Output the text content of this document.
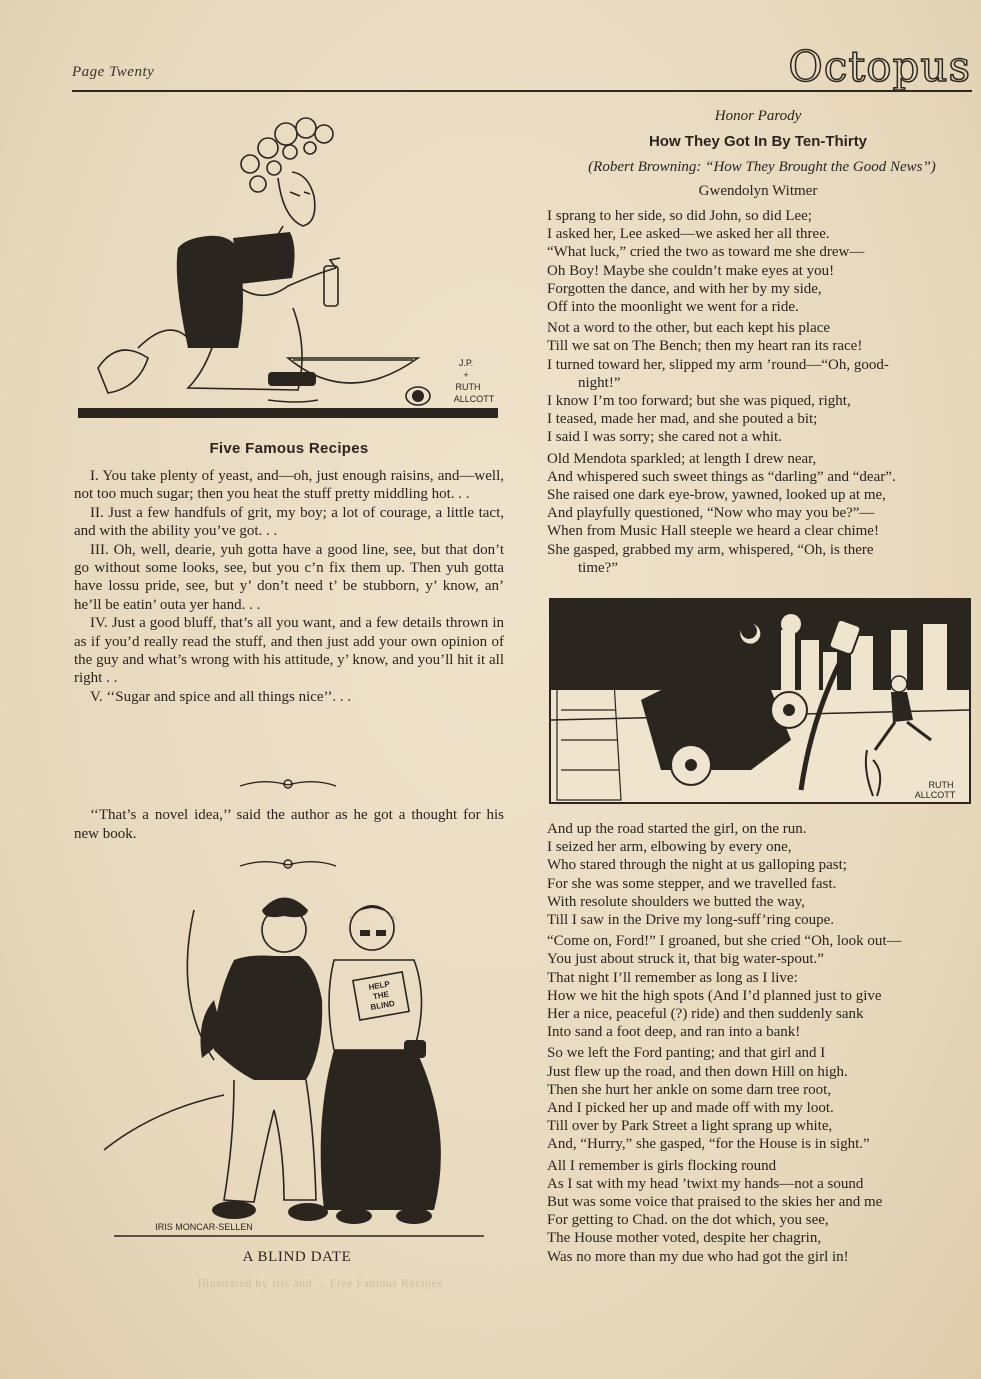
Page Twenty	Octopus
J.P.
+
RUTH
ALLCOTT
Five Famous Recipes

I. You take plenty of yeast, and—oh, just enough raisins, and—well, not too much sugar; then you heat the stuff pretty middling hot. . .

II. Just a few handfuls of grit, my boy; a lot of courage, a little tact, and with the ability you’ve got. . .

III. Oh, well, dearie, yuh gotta have a good line, see, but that don’t go without some looks, see, but you c’n fix them up. Then yuh gotta have lossu pride, see, but y’ don’t need t’ be stubborn, y’ know, an’ he’ll be eatin’ outa yer hand. . .

IV. Just a good bluff, that’s all you want, and a few details thrown in as if you’d really read the stuff, and then just add your own opinion of the guy and what’s wrong with his attitude, y’ know, and you’ll hit it all right . .

V. ‘‘Sugar and spice and all things nice’’. . .

‘‘That’s a novel idea,’’ said the author as he got a thought for his new book.
HELP
THE
BLIND
IRIS MONCAR-SELLEN
A BLIND DATE
Illustrated by Iris and ... Five Famous Recipes
Honor Parody
How They Got In By Ten-Thirty
(Robert Browning: “How They Brought the Good News”)
Gwendolyn Witmer
I sprang to her side, so did John, so did Lee;
I asked her, Lee asked—we asked her all three.
“What luck,” cried the two as toward me she drew—
Oh Boy! Maybe she couldn’t make eyes at you!
Forgotten the dance, and with her by my side,
Off into the moonlight we went for a ride.
Not a word to the other, but each kept his place
Till we sat on The Bench; then my heart ran its race!
I turned toward her, slipped my arm ’round—“Oh, good-
night!”
I know I’m too forward; but she was piqued, right,
I teased, made her mad, and she pouted a bit;
I said I was sorry; she cared not a whit.
Old Mendota sparkled; at length I drew near,
And whispered such sweet things as “darling” and “dear”.
She raised one dark eye-brow, yawned, looked up at me,
And playfully questioned, “Now who may you be?”—
When from Music Hall steeple we heard a clear chime!
She gasped, grabbed my arm, whispered, “Oh, is there
time?”
RUTH
ALLCOTT
And up the road started the girl, on the run.
I seized her arm, elbowing by every one,
Who stared through the night at us galloping past;
For she was some stepper, and we travelled fast.
With resolute shoulders we butted the way,
Till I saw in the Drive my long-suff’ring coupe.
“Come on, Ford!” I groaned, but she cried “Oh, look out—
You just about struck it, that big water-spout.”
That night I’ll remember as long as I live:
How we hit the high spots (And I’d planned just to give
Her a nice, peaceful (?) ride) and then suddenly sank
Into sand a foot deep, and ran into a bank!
So we left the Ford panting; and that girl and I
Just flew up the road, and then down Hill on high.
Then she hurt her ankle on some darn tree root,
And I picked her up and made off with my loot.
Till over by Park Street a light sprang up white,
And, “Hurry,” she gasped, “for the House is in sight.”
All I remember is girls flocking round
As I sat with my head ’twixt my hands—not a sound
But was some voice that praised to the skies her and me
For getting to Chad. on the dot which, you see,
The House mother voted, despite her chagrin,
Was no more than my due who had got the girl in!
